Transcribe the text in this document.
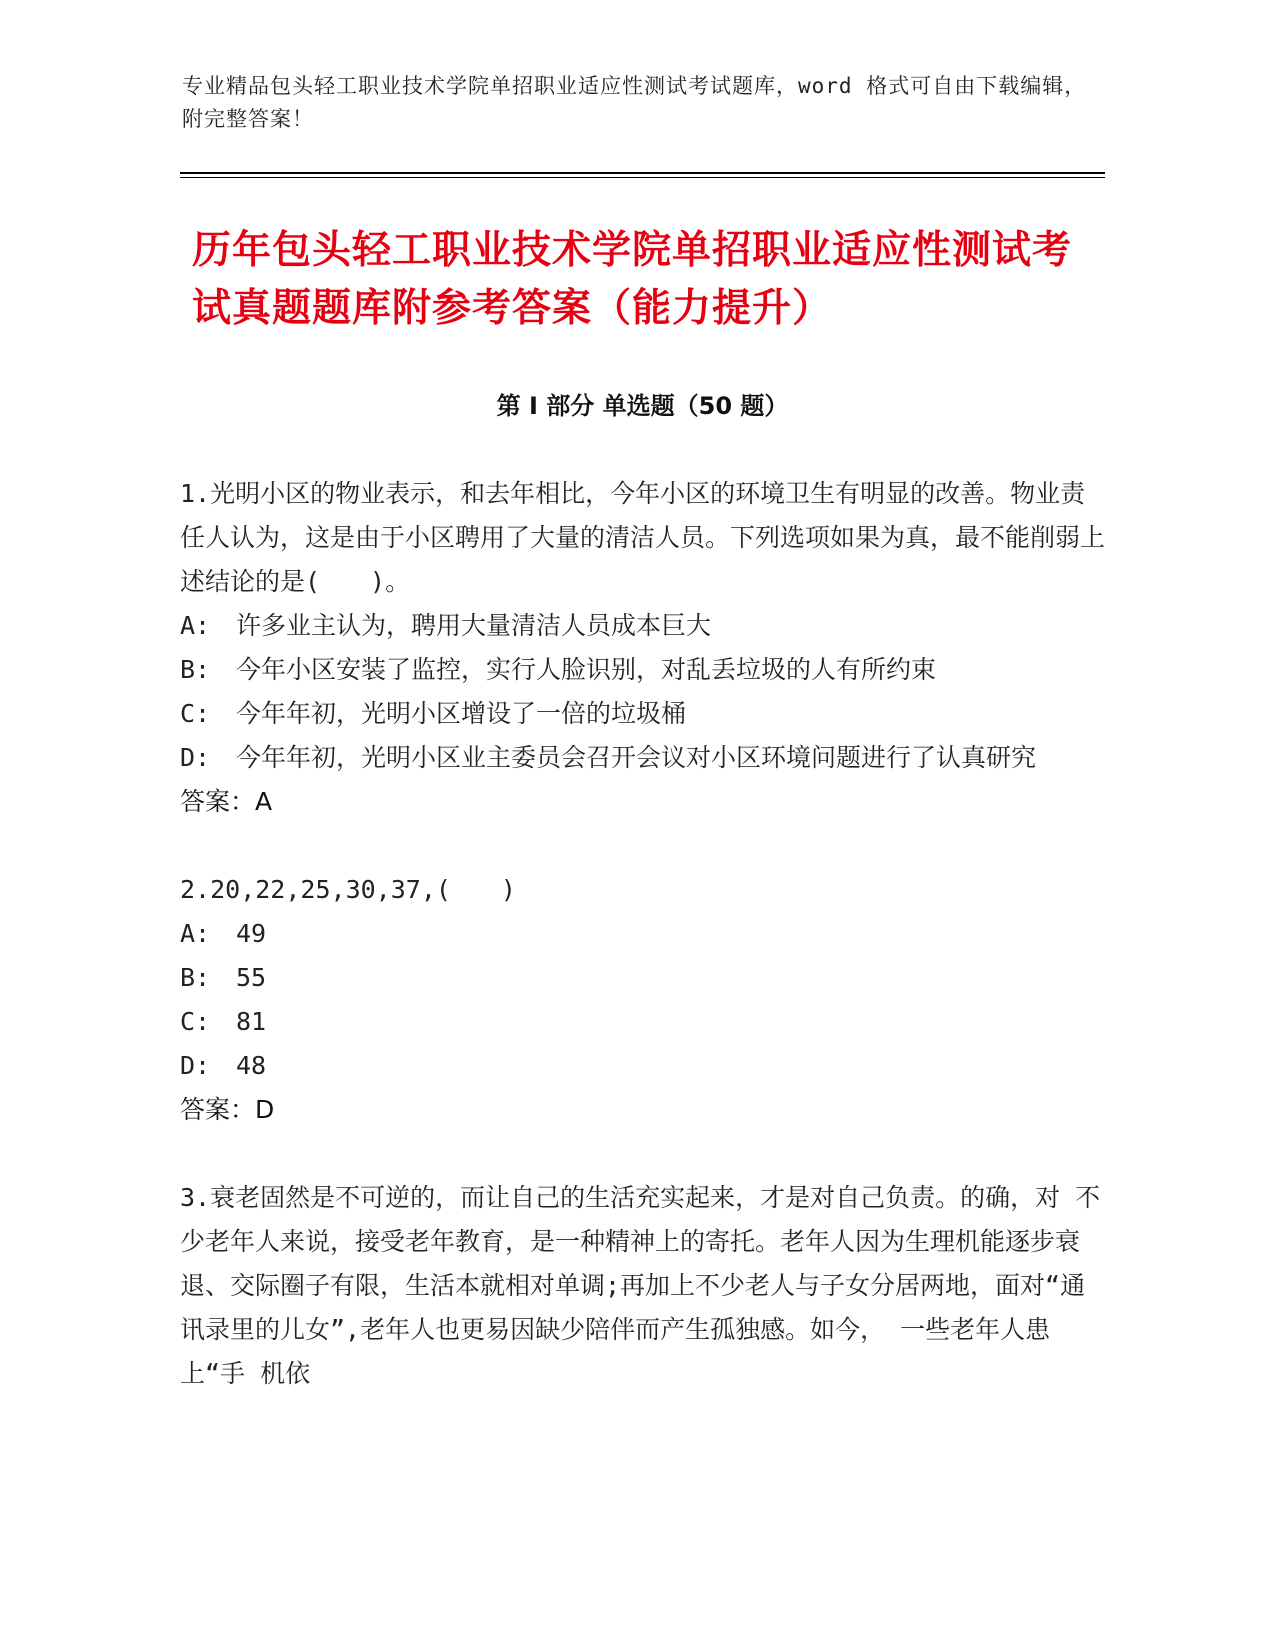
专业精品包头轻工职业技术学院单招职业适应性测试考试题库，word 格式可自由下载编辑，附完整答案！

历年包头轻工职业技术学院单招职业适应性测试考试真题题库附参考答案（能力提升）
第 I 部分 单选题（50 题）

1.光明小区的物业表示，和去年相比，今年小区的环境卫生有明显的改善。物业责任人认为，这是由于小区聘用了大量的清洁人员。下列选项如果为真，最不能削弱上述结论的是(　　)。

A:	许多业主认为，聘用大量清洁人员成本巨大
B:	今年小区安装了监控，实行人脸识别，对乱丢垃圾的人有所约束
C:	今年年初，光明小区增设了一倍的垃圾桶
D:	今年年初，光明小区业主委员会召开会议对小区环境问题进行了认真研究

答案：A

2.20,22,25,30,37,(　　)

A:	49
B:	55
C:	81
D:	48

答案：D

3.衰老固然是不可逆的，而让自己的生活充实起来，才是对自己负责。的确，对 不少老年人来说，接受老年教育，是一种精神上的寄托。老年人因为生理机能逐步衰 退、交际圈子有限，生活本就相对单调;再加上不少老人与子女分居两地，面对“通 讯录里的儿女”,老年人也更易因缺少陪伴而产生孤独感。如今， 一些老年人患上“手 机依
